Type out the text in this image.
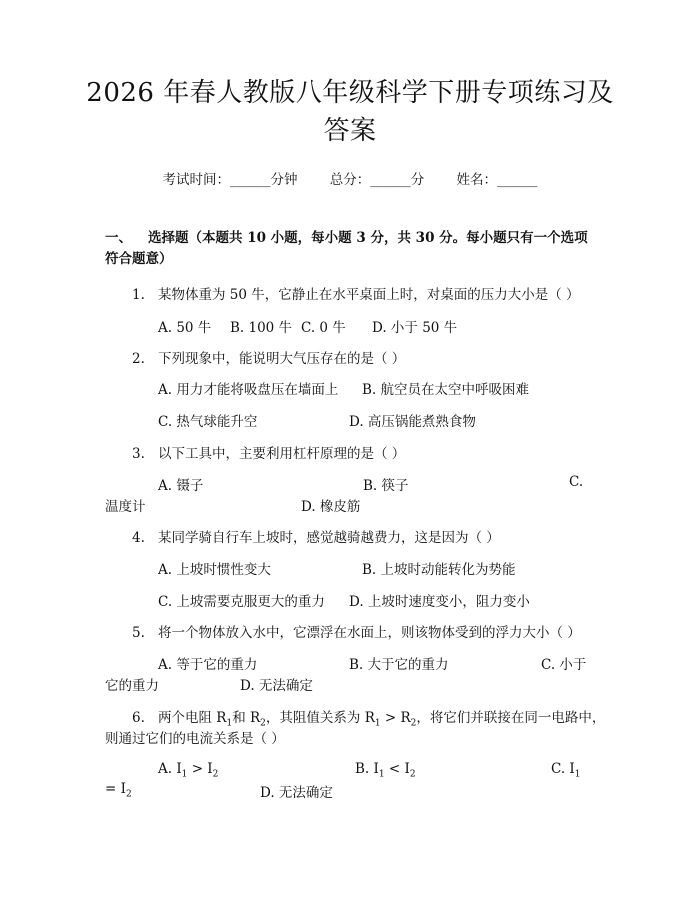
2026 年春人教版八年级科学下册专项练习及
答案
考试时间：______分钟 总分：______分 姓名：______
一、 选择题（本题共 10 小题，每小题 3 分，共 30 分。每小题只有一个选项符合题意）
1. 某物体重为 50 牛，它静止在水平桌面上时，对桌面的压力大小是（ ）
A. 50 牛 B. 100 牛 C. 0 牛 D. 小于 50 牛
2. 下列现象中，能说明大气压存在的是（ ）
A. 用力才能将吸盘压在墙面上 B. 航空员在太空中呼吸困难
C. 热气球能升空	D. 高压锅能煮熟食物
3. 以下工具中，主要利用杠杆原理的是（ ）
A. 镊子	B. 筷子	C.
温度计	D. 橡皮筋
4. 某同学骑自行车上坡时，感觉越骑越费力，这是因为（ ）
A. 上坡时惯性变大	B. 上坡时动能转化为势能
C. 上坡需要克服更大的重力 D. 上坡时速度变小，阻力变小
5. 将一个物体放入水中，它漂浮在水面上，则该物体受到的浮力大小（ ）
A. 等于它的重力	B. 大于它的重力	C. 小于
它的重力	D. 无法确定
6. 两个电阻 $R_1$和 $R_2$，其阻值关系为 $R_1 > R_2$，将它们并联接在同一电路中，
则通过它们的电流关系是（ ）
A. $I_1 > I_2$	B. $I_1 < I_2$	C. $I_1$
= $I_2$	D. 无法确定
